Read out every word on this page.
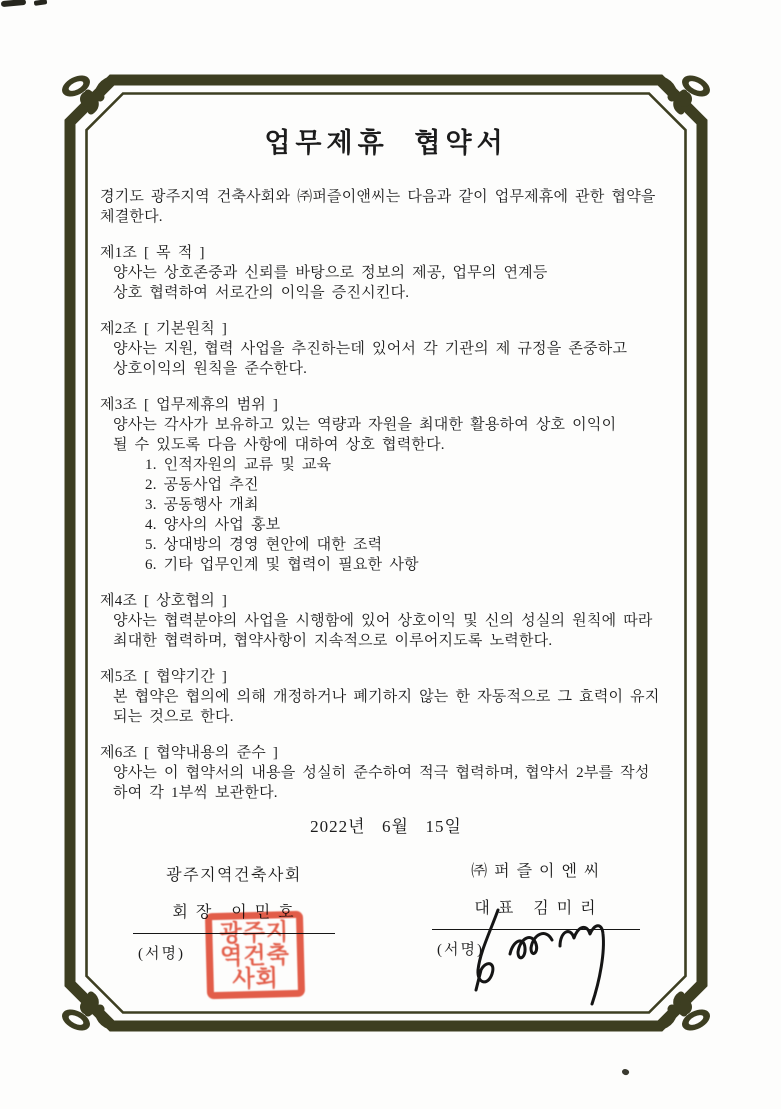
업무제휴 협약서
경기도 광주지역 건축사회와 ㈜퍼즐이앤씨는 다음과 같이 업무제휴에 관한 협약을
체결한다.
제1조 [ 목 적 ]
양사는 상호존중과 신뢰를 바탕으로 정보의 제공, 업무의 연계등
상호 협력하여 서로간의 이익을 증진시킨다.
제2조 [ 기본원칙 ]
양사는 지원, 협력 사업을 추진하는데 있어서 각 기관의 제 규정을 존중하고
상호이익의 원칙을 준수한다.
제3조 [ 업무제휴의 범위 ]
양사는 각사가 보유하고 있는 역량과 자원을 최대한 활용하여 상호 이익이
될 수 있도록 다음 사항에 대하여 상호 협력한다.
1. 인적자원의 교류 및 교육
2. 공동사업 추진
3. 공동행사 개최
4. 양사의 사업 홍보
5. 상대방의 경영 현안에 대한 조력
6. 기타 업무인계 및 협력이 필요한 사항
제4조 [ 상호협의 ]
양사는 협력분야의 사업을 시행함에 있어 상호이익 및 신의 성실의 원칙에 따라
최대한 협력하며, 협약사항이 지속적으로 이루어지도록 노력한다.
제5조 [ 협약기간 ]
본 협약은 협의에 의해 개정하거나 폐기하지 않는 한 자동적으로 그 효력이 유지
되는 것으로 한다.
제6조 [ 협약내용의 준수 ]
양사는 이 협약서의 내용을 성실히 준수하여 적극 협력하며, 협약서 2부를 작성
하여 각 1부씩 보관한다.
2022년  6월  15일
광주지역건축사회
회 장   이 민 호
(서명)
㈜ 퍼 즐 이 엔 씨
대 표   김 미 리
(서명)
광주지
역건축
사회
